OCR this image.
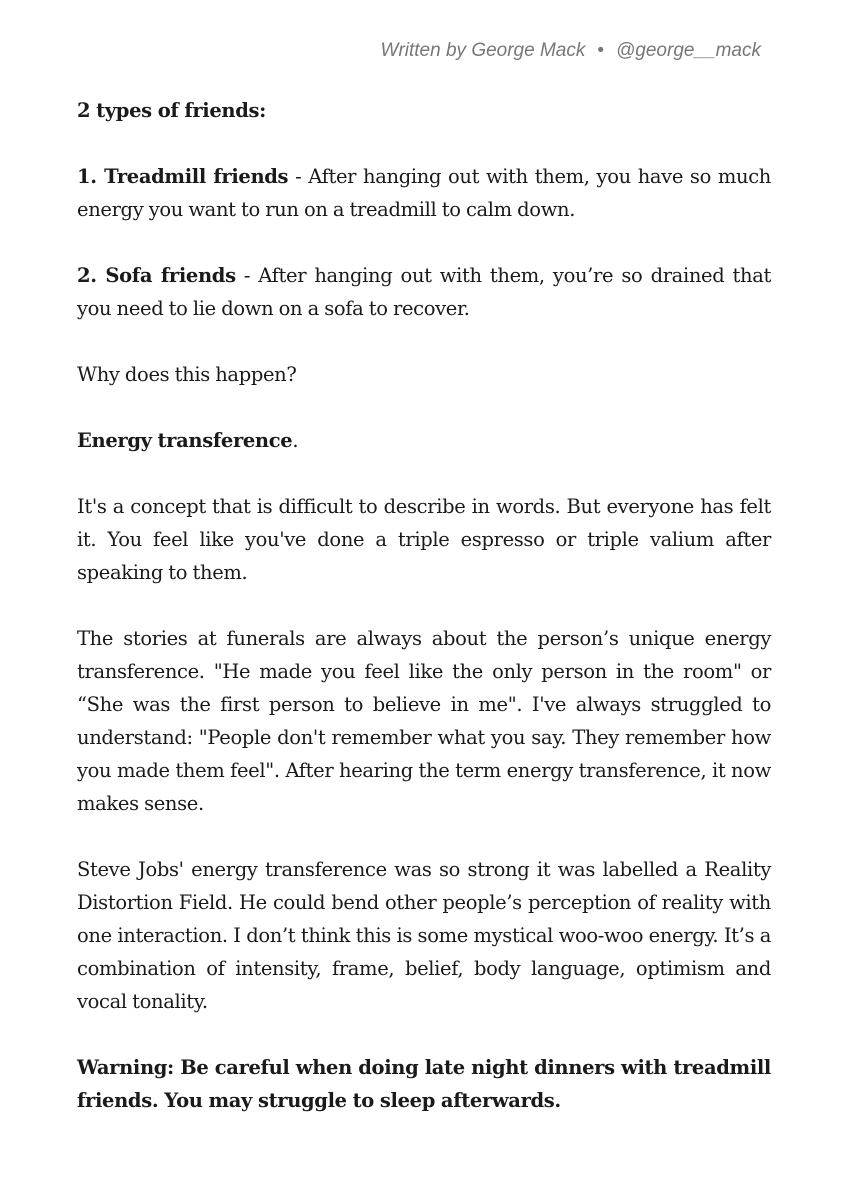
Written by George Mack • @george__mack

2 types of friends:

1. Treadmill friends - After hanging out with them, you have so much energy you want to run on a treadmill to calm down.

2. Sofa friends - After hanging out with them, you’re so drained that you need to lie down on a sofa to recover.

Why does this happen?

Energy transference.

It's a concept that is difficult to describe in words. But everyone has felt it. You feel like you've done a triple espresso or triple valium after speaking to them.

The stories at funerals are always about the person’s unique energy transference. "He made you feel like the only person in the room" or “She was the first person to believe in me". I've always struggled to understand: "People don't remember what you say. They remember how you made them feel". After hearing the term energy transference, it now makes sense.

Steve Jobs' energy transference was so strong it was labelled a Reality Distortion Field. He could bend other people’s perception of reality with one interaction. I don’t think this is some mystical woo-woo energy. It’s a combination of intensity, frame, belief, body language, optimism and vocal tonality.

Warning: Be careful when doing late night dinners with treadmill friends. You may struggle to sleep afterwards.
